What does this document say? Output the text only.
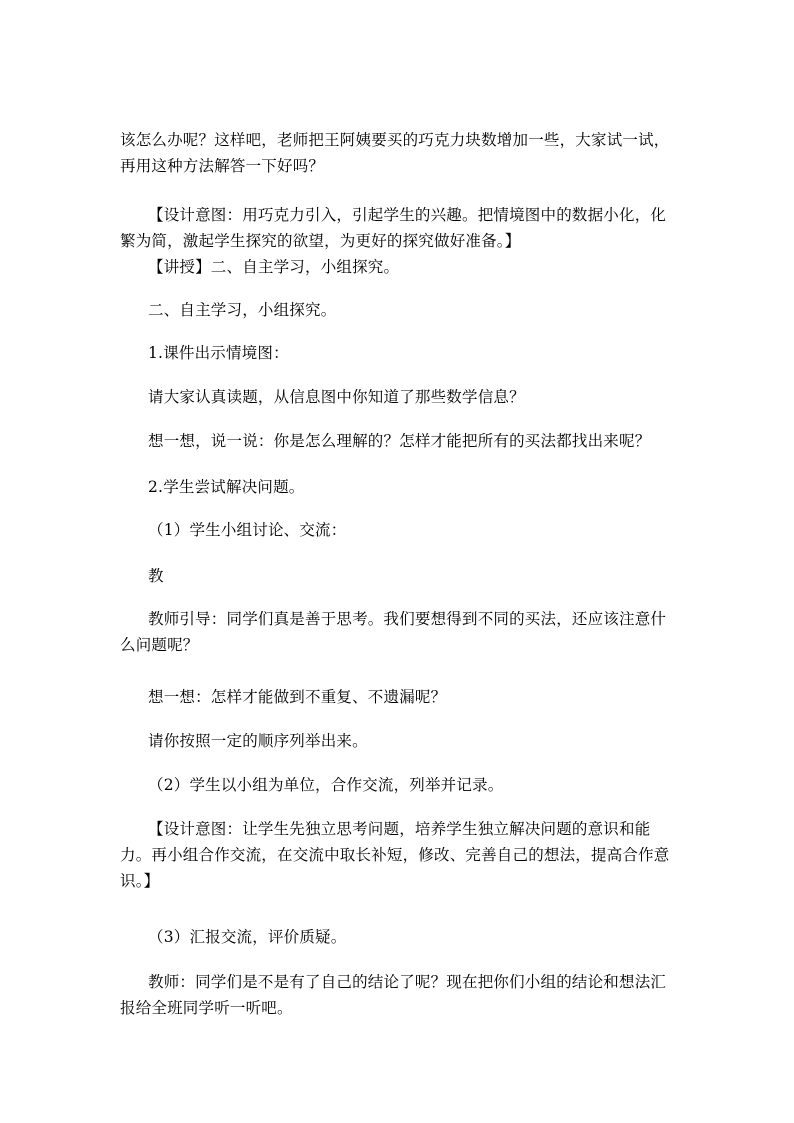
该怎么办呢？这样吧，老师把王阿姨要买的巧克力块数增加一些，大家试一试，再用这种方法解答一下好吗？

【设计意图：用巧克力引入，引起学生的兴趣。把情境图中的数据小化，化繁为简，激起学生探究的欲望，为更好的探究做好准备。】

【讲授】二、自主学习，小组探究。

二、自主学习，小组探究。

1.课件出示情境图：

请大家认真读题，从信息图中你知道了那些数学信息？

想一想，说一说：你是怎么理解的？怎样才能把所有的买法都找出来呢？

2.学生尝试解决问题。

（1）学生小组讨论、交流：

教

教师引导：同学们真是善于思考。我们要想得到不同的买法，还应该注意什么问题呢？

想一想：怎样才能做到不重复、不遗漏呢？

请你按照一定的顺序列举出来。

（2）学生以小组为单位，合作交流，列举并记录。

【设计意图：让学生先独立思考问题，培养学生独立解决问题的意识和能力。再小组合作交流，在交流中取长补短，修改、完善自己的想法，提高合作意识。】

（3）汇报交流，评价质疑。

教师：同学们是不是有了自己的结论了呢？现在把你们小组的结论和想法汇报给全班同学听一听吧。
